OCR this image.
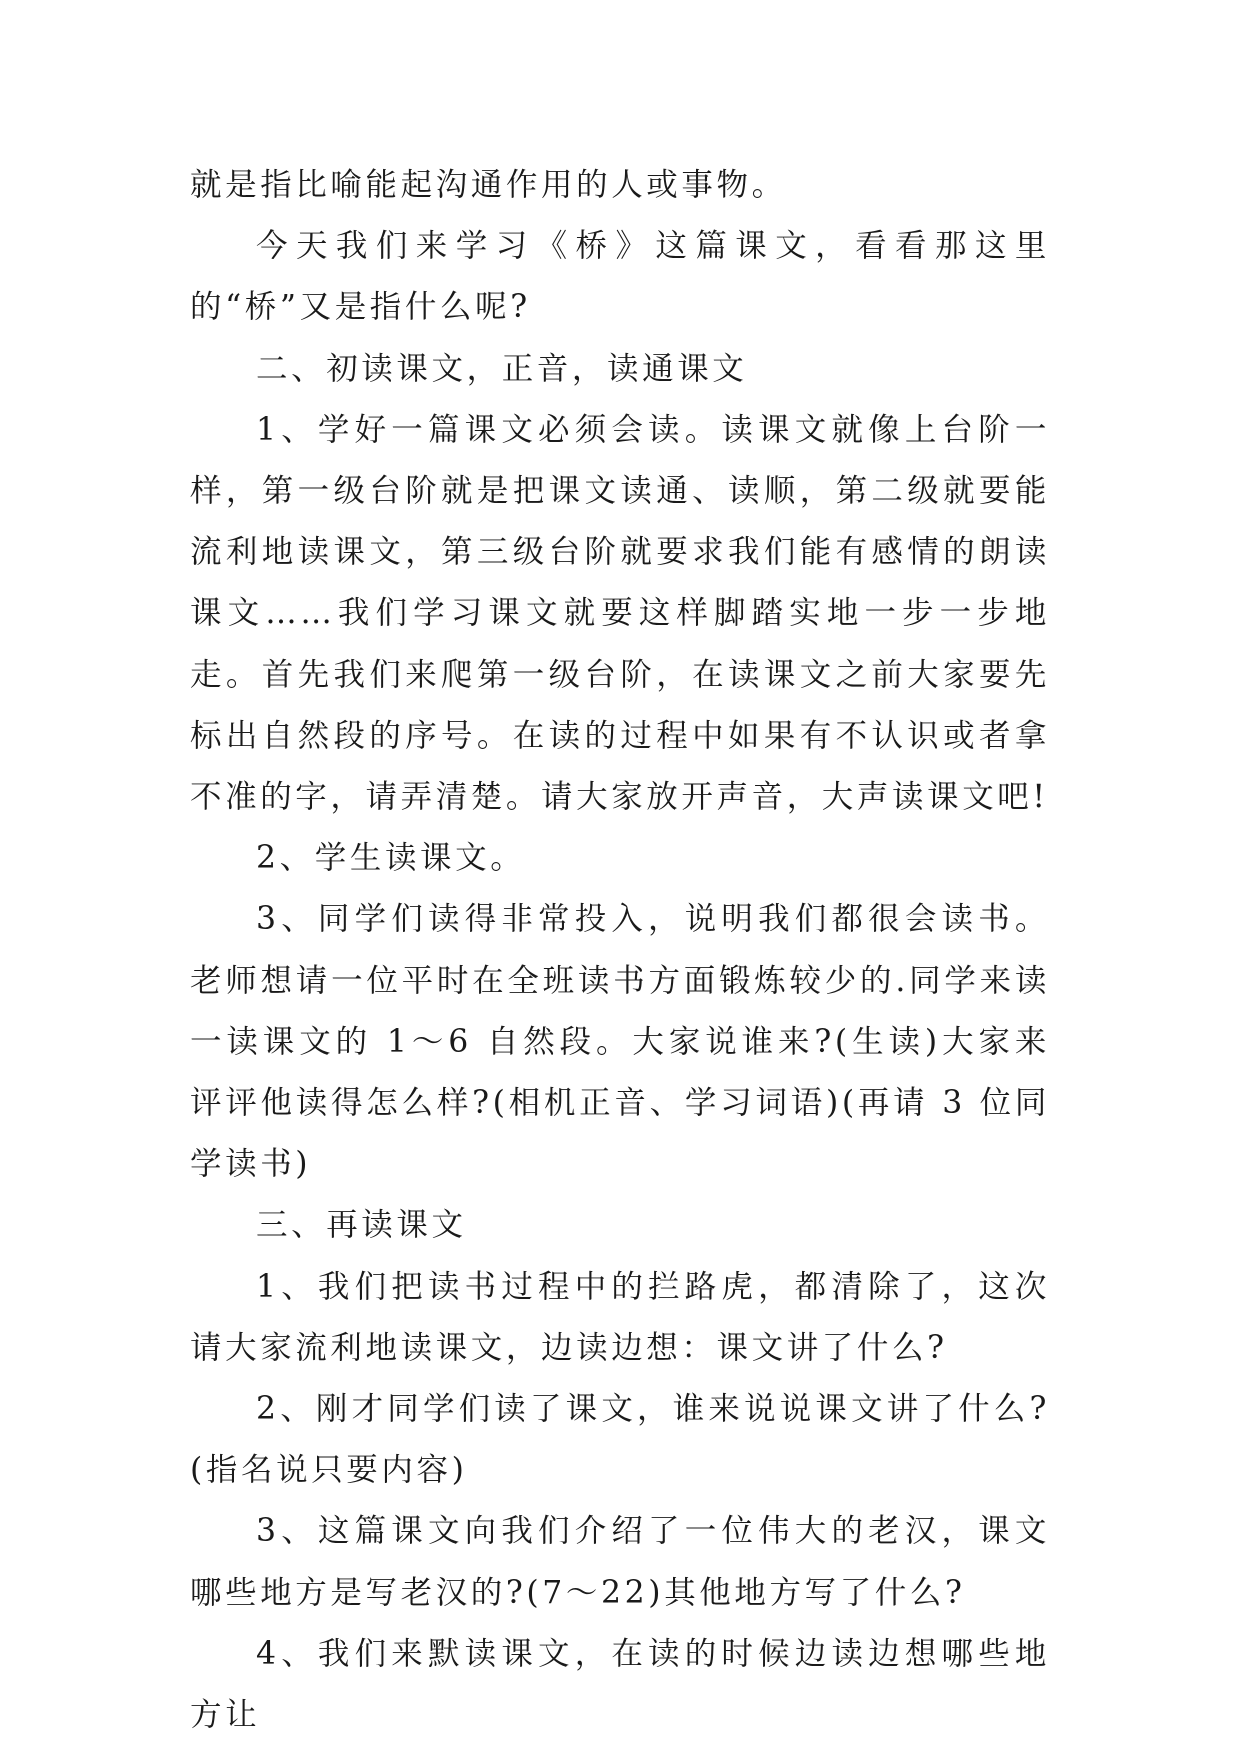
就是指比喻能起沟通作用的人或事物。

今天我们来学习《桥》这篇课文，看看那这里的“桥”又是指什么呢?

二、初读课文，正音，读通课文

1、学好一篇课文必须会读。读课文就像上台阶一样，第一级台阶就是把课文读通、读顺，第二级就要能流利地读课文，第三级台阶就要求我们能有感情的朗读课文……我们学习课文就要这样脚踏实地一步一步地走。首先我们来爬第一级台阶，在读课文之前大家要先标出自然段的序号。在读的过程中如果有不认识或者拿不准的字，请弄清楚。请大家放开声音，大声读课文吧!

2、学生读课文。

3、同学们读得非常投入，说明我们都很会读书。老师想请一位平时在全班读书方面锻炼较少的.同学来读一读课文的 1～6 自然段。大家说谁来?(生读)大家来评评他读得怎么样?(相机正音、学习词语)(再请 3 位同学读书)

三、再读课文

1、我们把读书过程中的拦路虎，都清除了，这次请大家流利地读课文，边读边想：课文讲了什么?

2、刚才同学们读了课文，谁来说说课文讲了什么?(指名说只要内容)

3、这篇课文向我们介绍了一位伟大的老汉，课文哪些地方是写老汉的?(7～22)其他地方写了什么?

4、我们来默读课文，在读的时候边读边想哪些地方让
